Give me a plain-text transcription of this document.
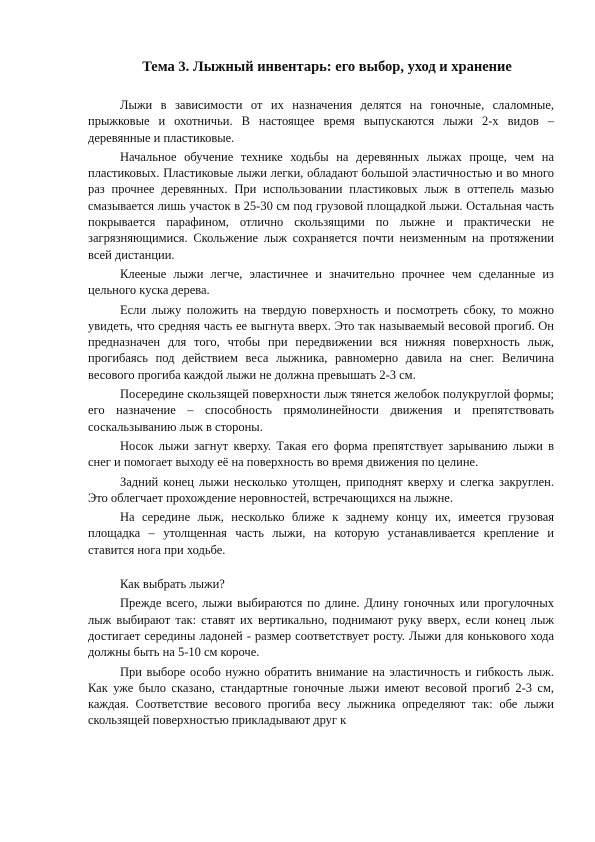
Тема 3. Лыжный инвентарь: его выбор, уход и хранение

Лыжи в зависимости от их назначения делятся на гоночные, слаломные, прыжковые и охотничьи. В настоящее время выпускаются лыжи 2-х видов – деревянные и пластиковые.

Начальное обучение технике ходьбы на деревянных лыжах проще, чем на пластиковых. Пластиковые лыжи легки, обладают большой эластичностью и во много раз прочнее деревянных. При использовании пластиковых лыж в оттепель мазью смазывается лишь участок в 25-30 см под грузовой площадкой лыжи. Остальная часть покрывается парафином, отлично скользящими по лыжне и практически не загрязняющимися. Скольжение лыж сохраняется почти неизменным на протяжении всей дистанции.

Клееные лыжи легче, эластичнее и значительно прочнее чем сделанные из цельного куска дерева.

Если лыжу положить на твердую поверхность и посмотреть сбоку, то можно увидеть, что средняя часть ее выгнута вверх. Это так называемый весовой прогиб. Он предназначен для того, чтобы при передвижении вся нижняя поверхность лыж, прогибаясь под действием веса лыжника, равномерно давила на снег. Величина весового прогиба каждой лыжи не должна превышать 2-3 см.

Посередине скользящей поверхности лыж тянется желобок полукруглой формы; его назначение – способность прямолинейности движения и препятствовать соскальзыванию лыж в стороны.

Носок лыжи загнут кверху. Такая его форма препятствует зарыванию лыжи в снег и помогает выходу её на поверхность во время движения по целине.

Задний конец лыжи несколько утолщен, приподнят кверху и слегка закруглен. Это облегчает прохождение неровностей, встречающихся на лыжне.

На середине лыж, несколько ближе к заднему концу их, имеется грузовая площадка – утолщенная часть лыжи, на которую устанавливается крепление и ставится нога при ходьбе.

Как выбрать лыжи?

Прежде всего, лыжи выбираются по длине. Длину гоночных или прогулочных лыж выбирают так: ставят их вертикально, поднимают руку вверх, если конец лыж достигает середины ладоней - размер соответствует росту. Лыжи для конькового хода должны быть на 5-10 см короче.

При выборе особо нужно обратить внимание на эластичность и гибкость лыж. Как уже было сказано, стандартные гоночные лыжи имеют весовой прогиб 2-3 см, каждая. Соответствие весового прогиба весу лыжника определяют так: обе лыжи скользящей поверхностью прикладывают друг к
